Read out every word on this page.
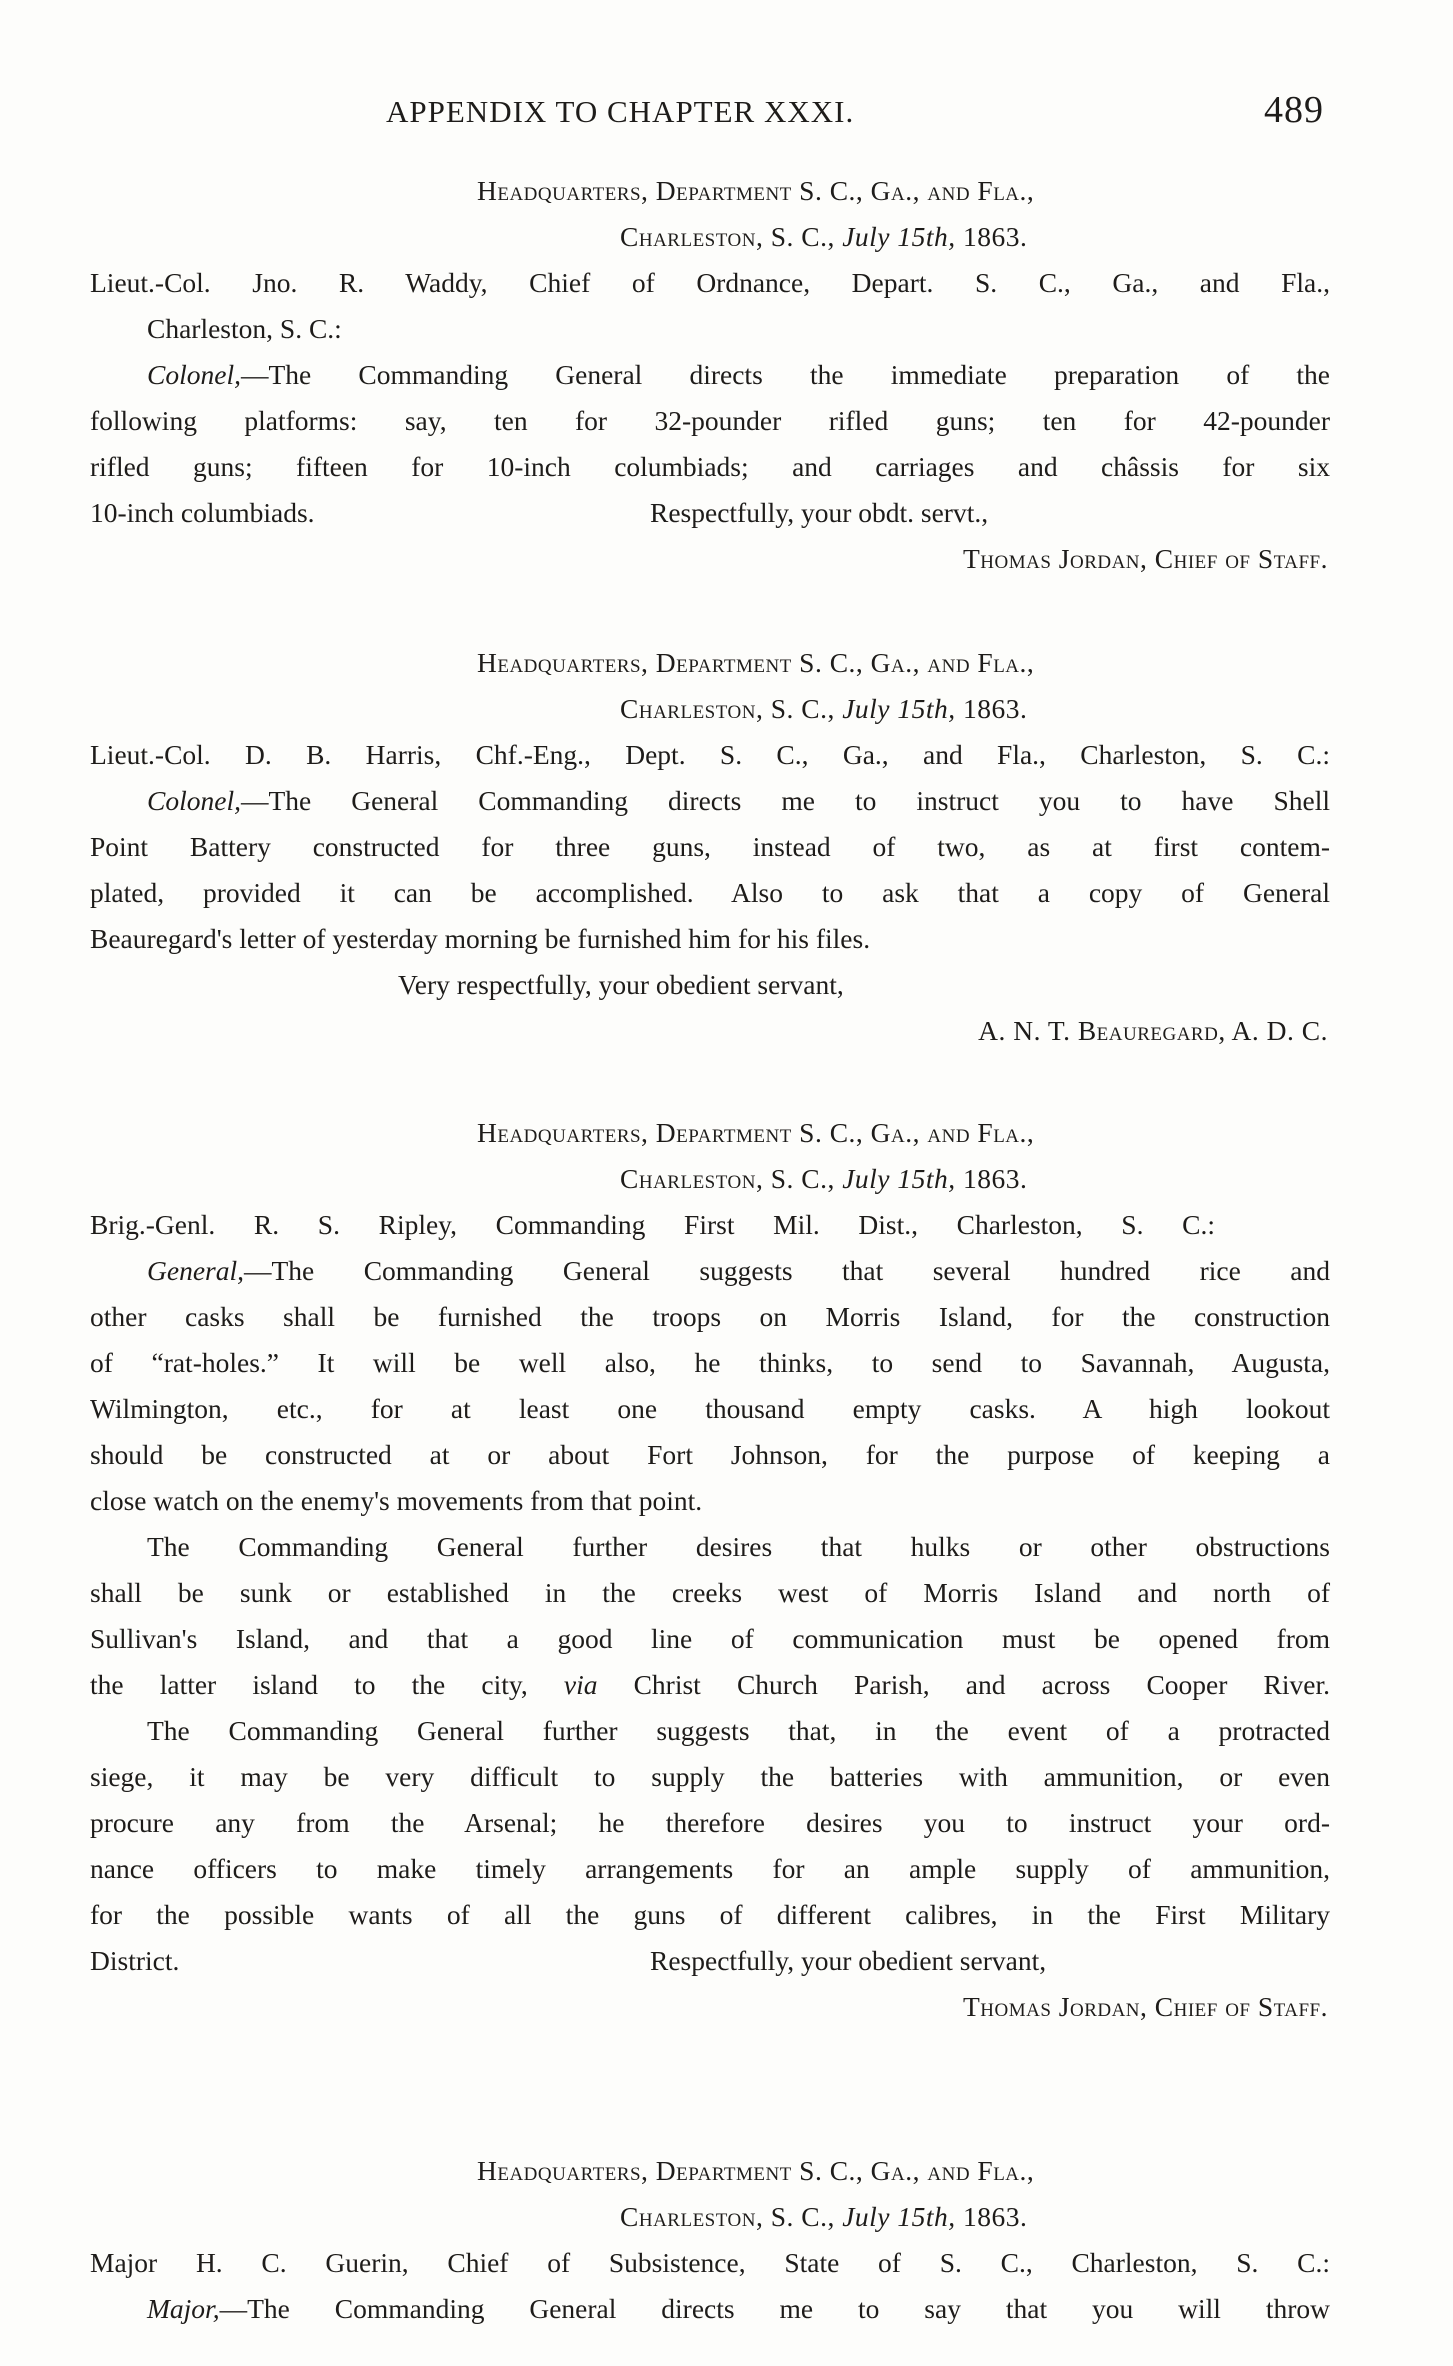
APPENDIX TO CHAPTER XXXI.	489
Headquarters, Department S. C., Ga., and Fla.,
Charleston, S. C., July 15th, 1863.
Lieut.-Col. Jno. R. Waddy, Chief of Ordnance, Depart. S. C., Ga., and Fla.,
Charleston, S. C.:
Colonel,—The Commanding General directs the immediate preparation of the
following platforms: say, ten for 32-pounder rifled guns; ten for 42-pounder
rifled guns; fifteen for 10-inch columbiads; and carriages and châssis for six
10-inch columbiads.	Respectfully, your obdt. servt.,
Thomas Jordan, Chief of Staff.
Headquarters, Department S. C., Ga., and Fla.,
Charleston, S. C., July 15th, 1863.
Lieut.-Col. D. B. Harris, Chf.-Eng., Dept. S. C., Ga., and Fla., Charleston, S. C.:
Colonel,—The General Commanding directs me to instruct you to have Shell
Point Battery constructed for three guns, instead of two, as at first contem-
plated, provided it can be accomplished. Also to ask that a copy of General
Beauregard's letter of yesterday morning be furnished him for his files.
Very respectfully, your obedient servant,
A. N. T. Beauregard, A. D. C.
Headquarters, Department S. C., Ga., and Fla.,
Charleston, S. C., July 15th, 1863.
Brig.-Genl. R. S. Ripley, Commanding First Mil. Dist., Charleston, S. C.:
General,—The Commanding General suggests that several hundred rice and
other casks shall be furnished the troops on Morris Island, for the construction
of “rat-holes.” It will be well also, he thinks, to send to Savannah, Augusta,
Wilmington, etc., for at least one thousand empty casks. A high lookout
should be constructed at or about Fort Johnson, for the purpose of keeping a
close watch on the enemy's movements from that point.
The Commanding General further desires that hulks or other obstructions
shall be sunk or established in the creeks west of Morris Island and north of
Sullivan's Island, and that a good line of communication must be opened from
the latter island to the city, via Christ Church Parish, and across Cooper River.
The Commanding General further suggests that, in the event of a protracted
siege, it may be very difficult to supply the batteries with ammunition, or even
procure any from the Arsenal; he therefore desires you to instruct your ord-
nance officers to make timely arrangements for an ample supply of ammunition,
for the possible wants of all the guns of different calibres, in the First Military
District.	Respectfully, your obedient servant,
Thomas Jordan, Chief of Staff.
Headquarters, Department S. C., Ga., and Fla.,
Charleston, S. C., July 15th, 1863.
Major H. C. Guerin, Chief of Subsistence, State of S. C., Charleston, S. C.:
Major,—The Commanding General directs me to say that you will throw
